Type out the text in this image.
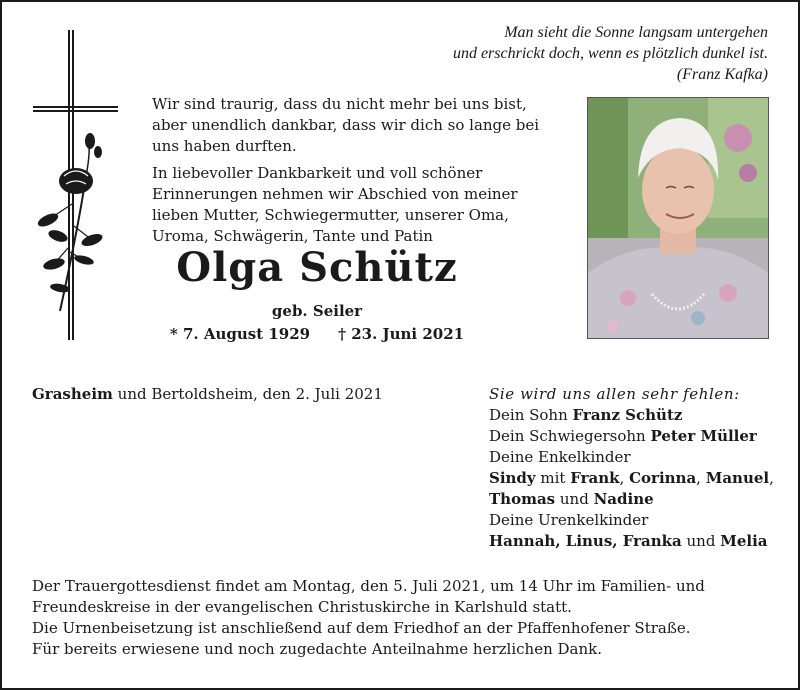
Man sieht die Sonne langsam untergehen
und erschrickt doch, wenn es plötzlich dunkel ist.
(Franz Kafka)

Wir sind traurig, dass du nicht mehr bei uns bist,
aber unendlich dankbar, dass wir dich so lange bei
uns haben durften.

In liebevoller Dankbarkeit und voll schöner
Erinnerungen nehmen wir Abschied von meiner
lieben Mutter, Schwiegermutter, unserer Oma,
Uroma, Schwägerin, Tante und Patin

Olga Schütz
geb. Seiler
* 7. August 1929 † 23. Juni 2021
Grasheim und Bertoldsheim, den 2. Juli 2021	Sie wird uns allen sehr fehlen:
Dein Sohn Franz Schütz
Dein Schwiegersohn Peter Müller
Deine Enkelkinder
Sindy mit Frank, Corinna, Manuel,
Thomas und Nadine
Deine Urenkelkinder
Hannah, Linus, Franka und Melia
Der Trauergottesdienst findet am Montag, den 5. Juli 2021, um 14 Uhr im Familien- und
Freundeskreise in der evangelischen Christuskirche in Karlshuld statt.
Die Urnenbeisetzung ist anschließend auf dem Friedhof an der Pfaffenhofener Straße.
Für bereits erwiesene und noch zugedachte Anteilnahme herzlichen Dank.
